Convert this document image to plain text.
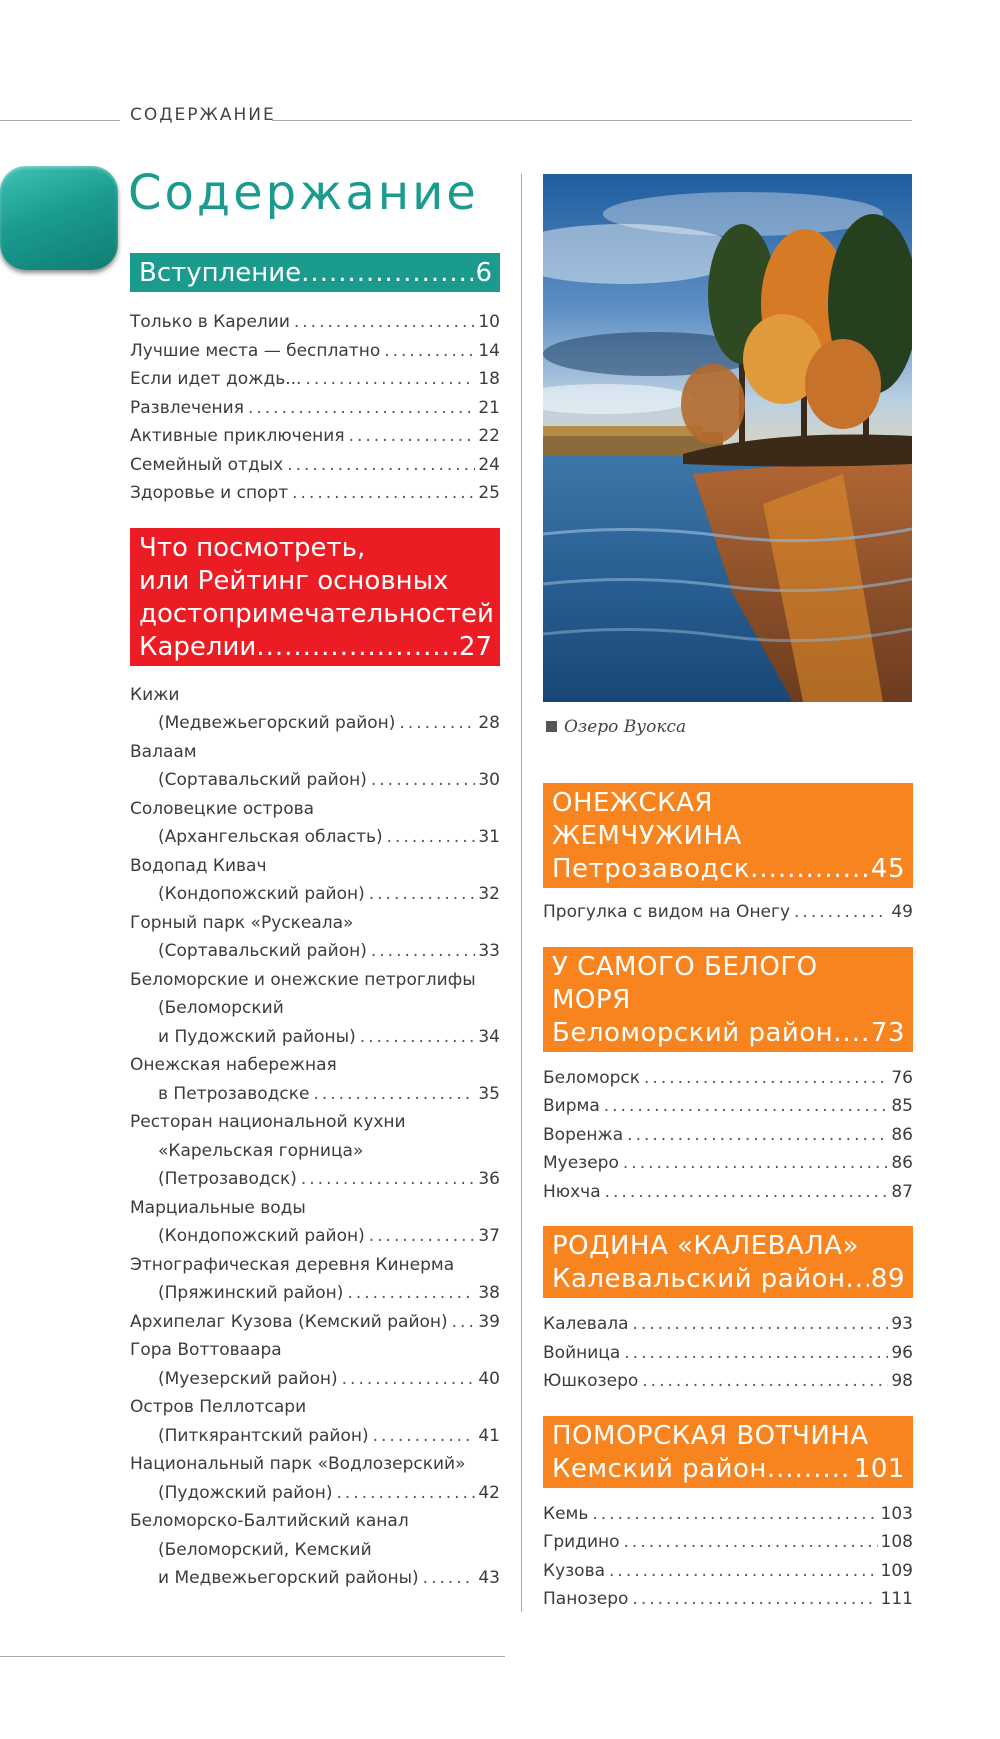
СОДЕРЖАНИЕ
Содержание
Вступление .....	6
Только в Карелии .....	10
Лучшие места — бесплатно .....	14
Если идет дождь... .....	18
Развлечения .....	21
Активные приключения .....	22
Семейный отдых .....	24
Здоровье и спорт .....	25
Что посмотреть,
или Рейтинг основных
достопримечательностей
Карелии .....	27
Кижи
(Медвежьегорский район) .....	28
Валаам
(Сортавальский район) .....	30
Соловецкие острова
(Архангельская область) .....	31
Водопад Кивач
(Кондопожский район) .....	32
Горный парк «Рускеала»
(Сортавальский район) .....	33
Беломорские и онежские петроглифы
(Беломорский
и Пудожский районы) .....	34
Онежская набережная
в Петрозаводске .....	35
Ресторан национальной кухни
«Карельская горница»
(Петрозаводск) .....	36
Марциальные воды
(Кондопожский район) .....	37
Этнографическая деревня Кинерма
(Пряжинский район) .....	38
Архипелаг Кузова (Кемский район) ..... 39
Гора Воттоваара
(Муезерский район) .....	40
Остров Пеллотсари
(Питкярантский район) .....	41
Национальный парк «Водлозерский»
(Пудожский район) .....	42
Беломорско-Балтийский канал
(Беломорский, Кемский
и Медвежьегорский районы) .....	43
Озеро Вуокса
ОНЕЖСКАЯ
ЖЕМЧУЖИНА
Петрозаводск .....	45
Прогулка с видом на Онегу .....	49
У САМОГО БЕЛОГО МОРЯ
Беломорский район ..... 73
Беломорск .....	76
Вирма .....	85
Воренжа .....	86
Муезеро .....	86
Нюхча .....	87
РОДИНА «КАЛЕВАЛА»
Калевальский район ..... 89
Калевала .....	93
Войница .....	96
Юшкозеро .....	98
ПОМОРСКАЯ ВОТЧИНА
Кемский район .....	101
Кемь .....	103
Гридино .....	108
Кузова .....	109
Панозеро .....	111
